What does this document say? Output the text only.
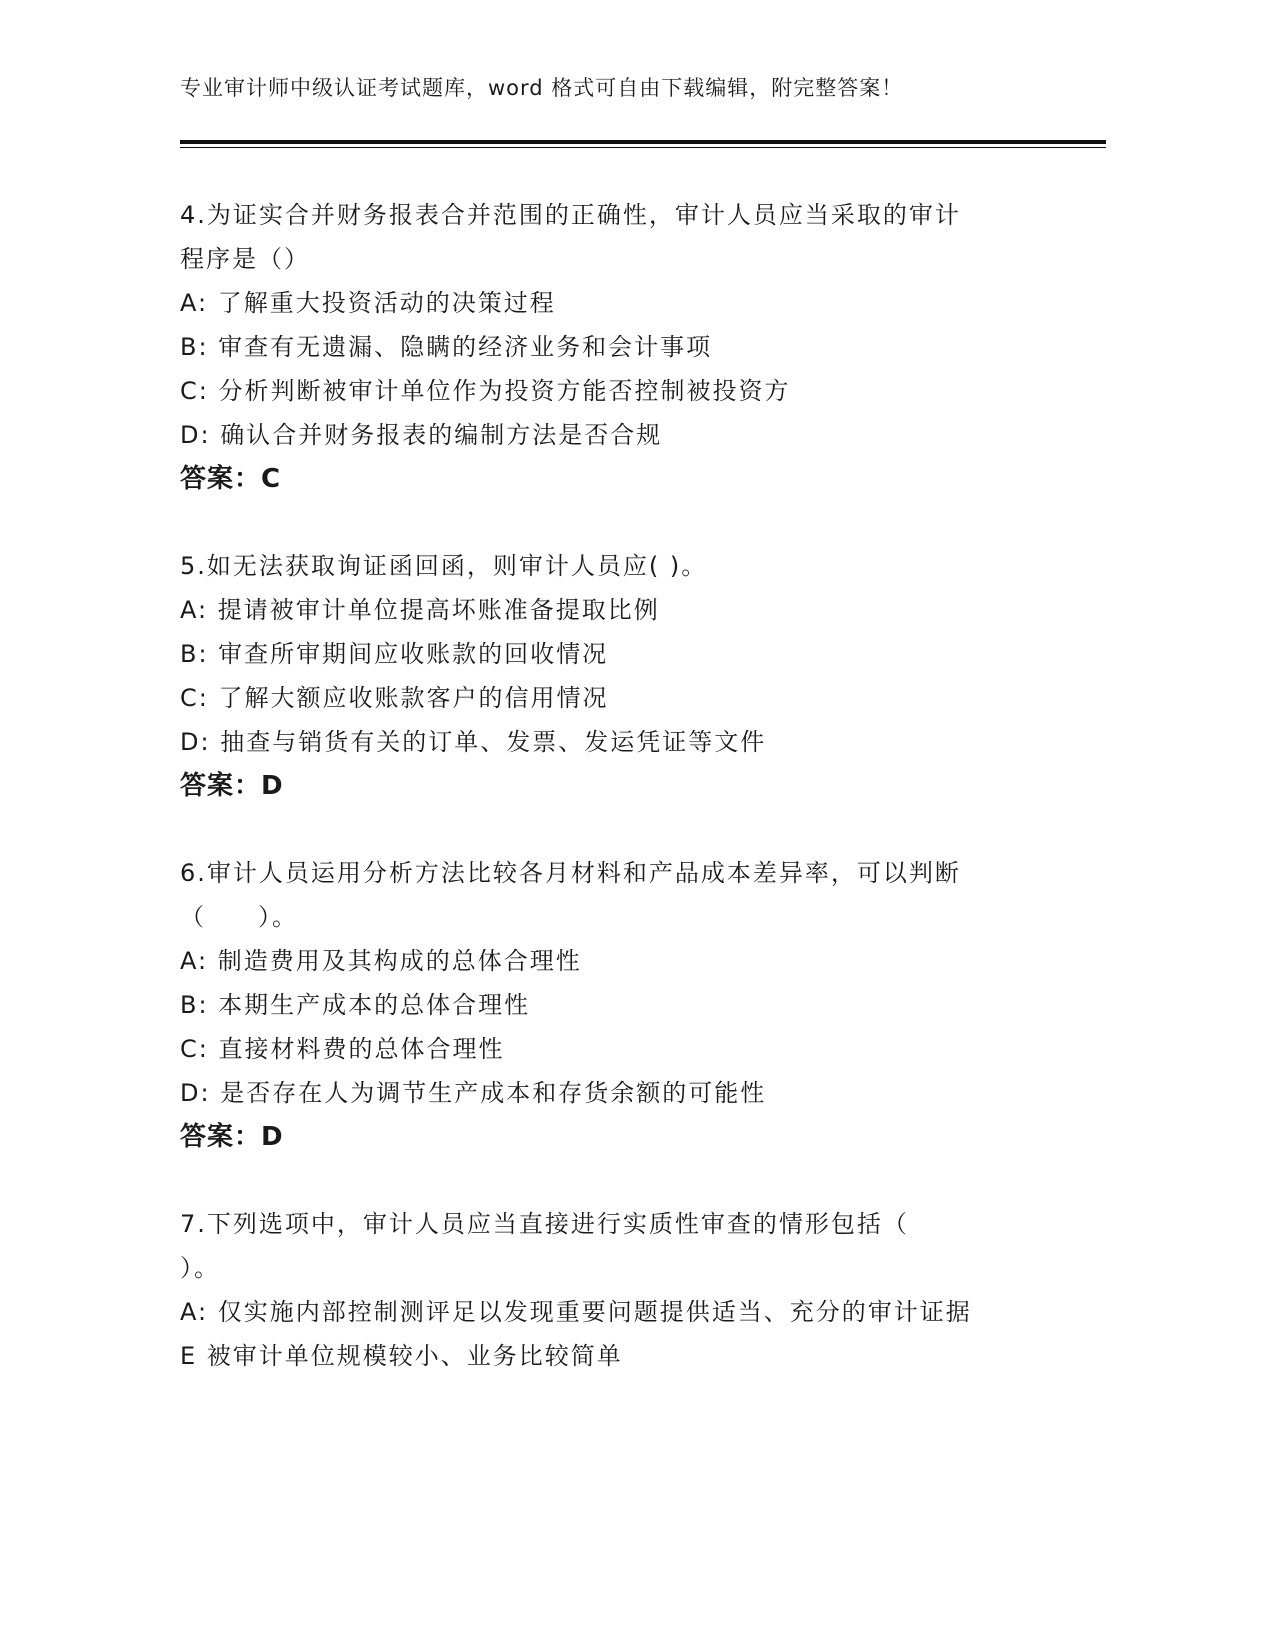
专业审计师中级认证考试题库，word 格式可自由下载编辑，附完整答案！
4.为证实合并财务报表合并范围的正确性，审计人员应当采取的审计
程序是（）
A: 了解重大投资活动的决策过程
B: 审查有无遗漏、隐瞒的经济业务和会计事项
C: 分析判断被审计单位作为投资方能否控制被投资方
D: 确认合并财务报表的编制方法是否合规
答案：C
5.如无法获取询证函回函，则审计人员应( )。
A: 提请被审计单位提高坏账准备提取比例
B: 审查所审期间应收账款的回收情况
C: 了解大额应收账款客户的信用情况
D: 抽查与销货有关的订单、发票、发运凭证等文件
答案：D
6.审计人员运用分析方法比较各月材料和产品成本差异率，可以判断
（　　）。
A: 制造费用及其构成的总体合理性
B: 本期生产成本的总体合理性
C: 直接材料费的总体合理性
D: 是否存在人为调节生产成本和存货余额的可能性
答案：D
7.下列选项中，审计人员应当直接进行实质性审查的情形包括（
）。
A: 仅实施内部控制测评足以发现重要问题提供适当、充分的审计证据
E 被审计单位规模较小、业务比较简单
